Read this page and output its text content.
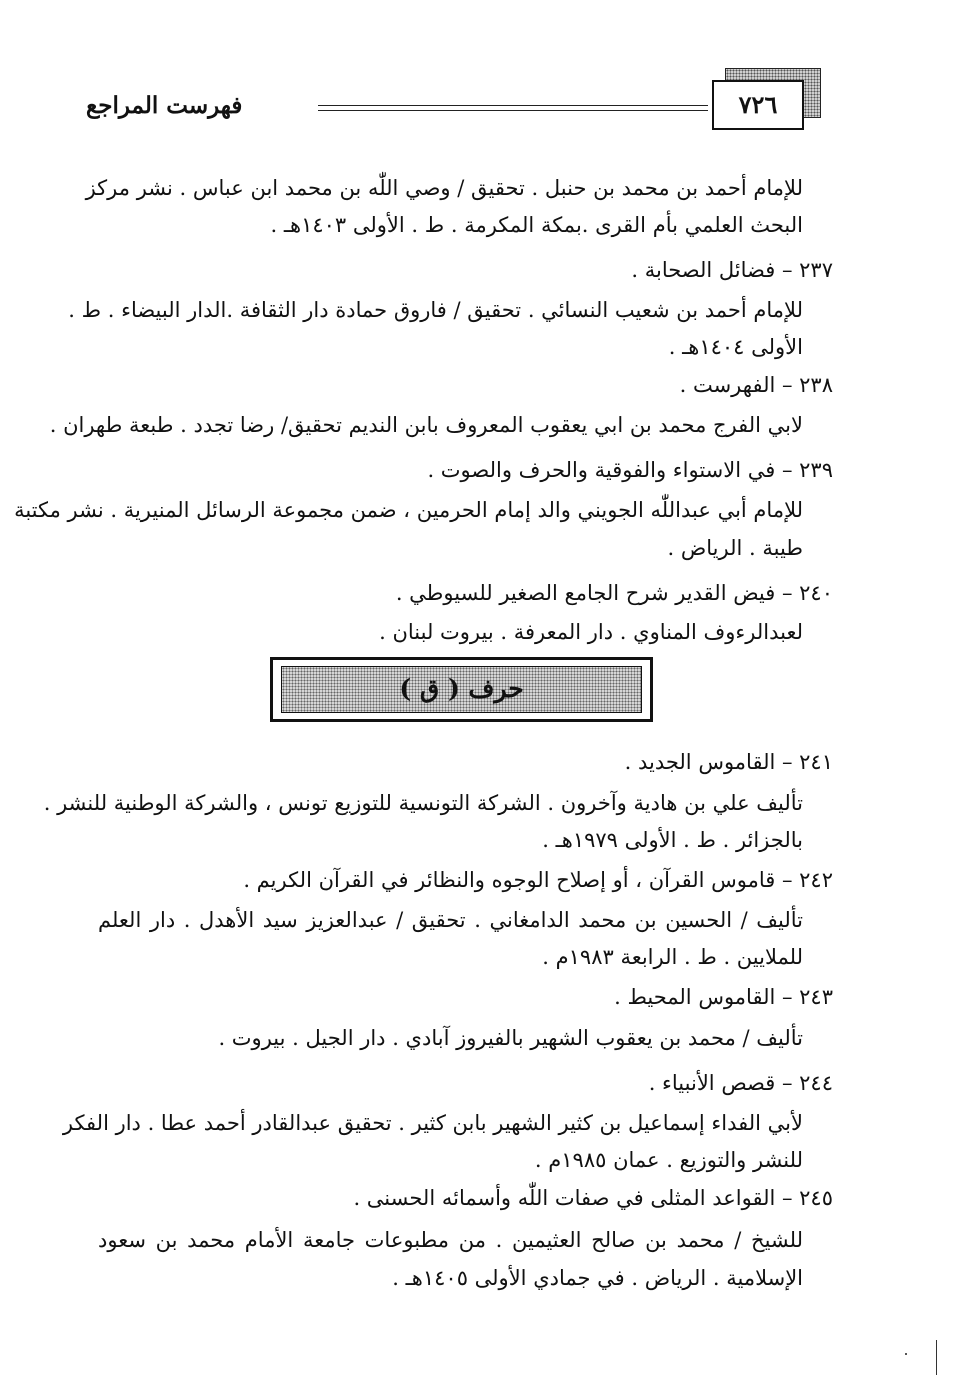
فهرست المراجع	٧٢٦
للإمام أحمد بن محمد بن حنبل . تحقيق / وصي اللّٰه بن محمد ابن عباس . نشر مركز
البحث العلمي بأم القرى .بمكة المكرمة . ط . الأولى ١٤٠٣هـ .
٢٣٧ – فضائل الصحابة .
للإمام أحمد بن شعيب النسائي . تحقيق / فاروق حمادة دار الثقافة .الدار البيضاء . ط .
الأولى ١٤٠٤هـ .
٢٣٨ – الفهرست .
لابي الفرج محمد بن ابي يعقوب المعروف بابن النديم تحقيق/ رضا تجدد . طبعة طهران .
٢٣٩ – في الاستواء والفوقية والحرف والصوت .
للإمام أبي عبداللّٰه الجويني والد إمام الحرمين ، ضمن مجموعة الرسائل المنيرية . نشر مكتبة
طيبة . الرياض .
٢٤٠ – فيض القدير شرح الجامع الصغير للسيوطي .
لعبدالرءوف المناوي . دار المعرفة . بيروت لبنان .
٢٤١ – القاموس الجديد .
تأليف علي بن هادية وآخرون . الشركة التونسية للتوزيع تونس ، والشركة الوطنية للنشر .
بالجزائر . ط . الأولى ١٩٧٩هـ .
٢٤٢ – قاموس القرآن ، أو إصلاح الوجوه والنظائر في القرآن الكريم .
تأليف / الحسين بن محمد الدامغاني . تحقيق / عبدالعزيز سيد الأهدل . دار العلم
للملايين . ط . الرابعة ١٩٨٣م .
٢٤٣ – القاموس المحيط .
تأليف / محمد بن يعقوب الشهير بالفيروز آبادي . دار الجيل . بيروت .
٢٤٤ – قصص الأنبياء .
لأبي الفداء إسماعيل بن كثير الشهير بابن كثير . تحقيق عبدالقادر أحمد عطا . دار الفكر
للنشر والتوزيع . عمان ١٩٨٥م .
٢٤٥ – القواعد المثلى في صفات اللّٰه وأسمائه الحسنى .
للشيخ / محمد بن صالح العثيمين . من مطبوعات جامعة الأمام محمد بن سعود
الإسلامية . الرياض . في جمادي الأولى ١٤٠٥هـ .
حرف ( ق )
